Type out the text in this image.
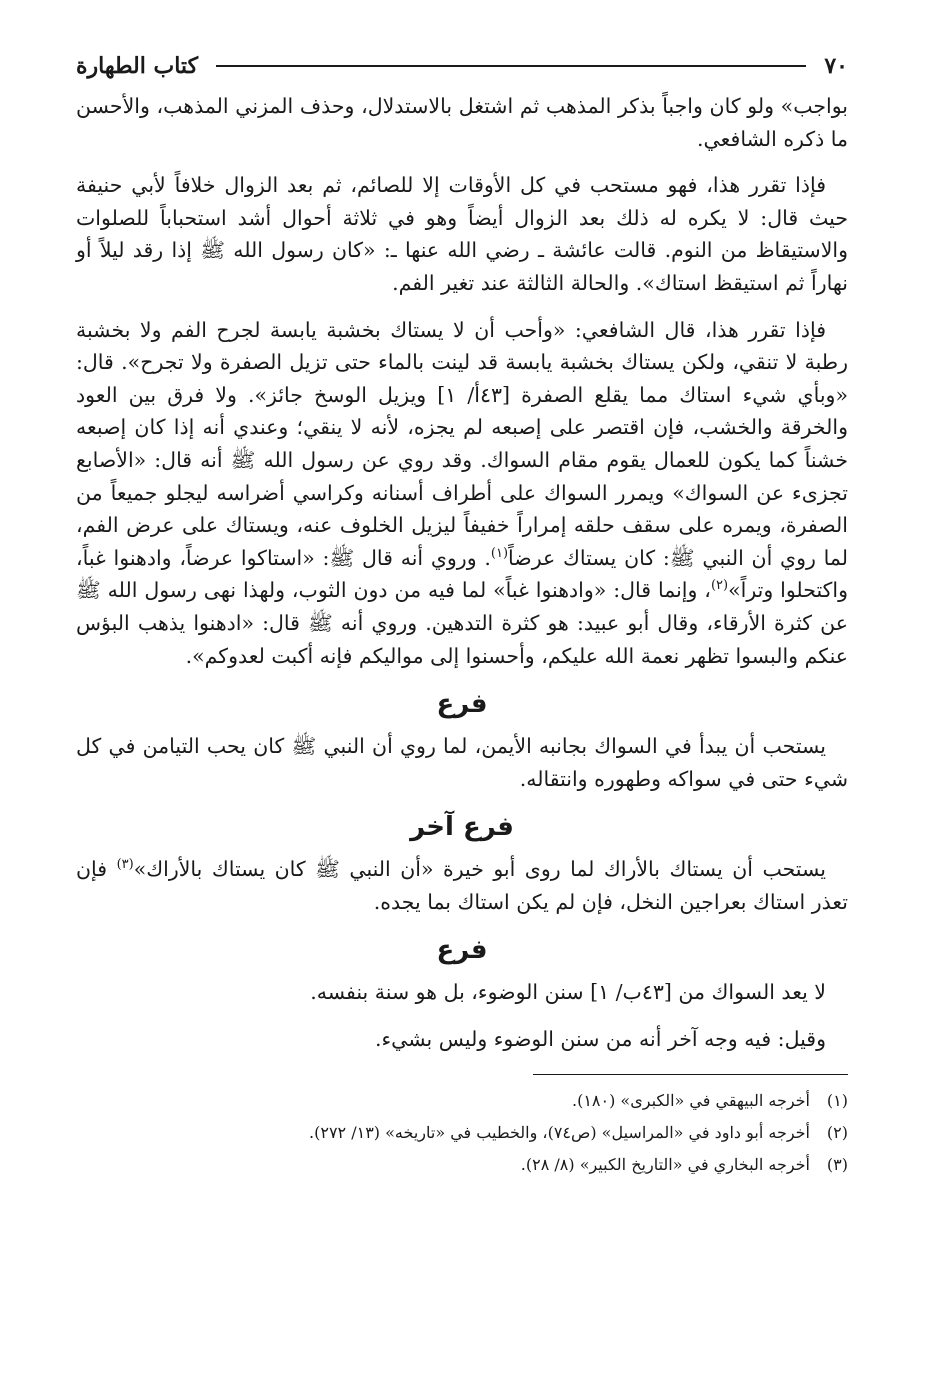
٧٠
كتاب الطهارة

بواجب» ولو كان واجباً بذكر المذهب ثم اشتغل بالاستدلال، وحذف المزني المذهب، والأحسن ما ذكره الشافعي.

فإذا تقرر هذا، فهو مستحب في كل الأوقات إلا للصائم، ثم بعد الزوال خلافاً لأبي حنيفة حيث قال: لا يكره له ذلك بعد الزوال أيضاً وهو في ثلاثة أحوال أشد استحباباً للصلوات والاستيقاظ من النوم. قالت عائشة ـ رضي الله عنها ـ: «كان رسول الله ﷺ إذا رقد ليلاً أو نهاراً ثم استيقظ استاك». والحالة الثالثة عند تغير الفم.

فإذا تقرر هذا، قال الشافعي: «وأحب أن لا يستاك بخشبة يابسة لجرح الفم ولا بخشبة رطبة لا تنقي، ولكن يستاك بخشبة يابسة قد لينت بالماء حتى تزيل الصفرة ولا تجرح». قال: «وبأي شيء استاك مما يقلع الصفرة [٤٣أ/ ١] ويزيل الوسخ جائز». ولا فرق بين العود والخرقة والخشب، فإن اقتصر على إصبعه لم يجزه، لأنه لا ينقي؛ وعندي أنه إذا كان إصبعه خشناً كما يكون للعمال يقوم مقام السواك. وقد روي عن رسول الله ﷺ أنه قال: «الأصابع تجزىء عن السواك» ويمرر السواك على أطراف أسنانه وكراسي أضراسه ليجلو جميعاً من الصفرة، ويمره على سقف حلقه إمراراً خفيفاً ليزيل الخلوف عنه، ويستاك على عرض الفم، لما روي أن النبي ﷺ: كان يستاك عرضاً$^{(١)}$. وروي أنه قال ﷺ: «استاكوا عرضاً، وادهنوا غباً، واكتحلوا وتراً»$^{(٢)}$، وإنما قال: «وادهنوا غباً» لما فيه من دون الثوب، ولهذا نهى رسول الله ﷺ عن كثرة الأرقاء، وقال أبو عبيد: هو كثرة التدهين. وروي أنه ﷺ قال: «ادهنوا يذهب البؤس عنكم والبسوا تظهر نعمة الله عليكم، وأحسنوا إلى مواليكم فإنه أكبت لعدوكم».

فرع

يستحب أن يبدأ في السواك بجانبه الأيمن، لما روي أن النبي ﷺ كان يحب التيامن في كل شيء حتى في سواكه وطهوره وانتقاله.

فرع آخر

يستحب أن يستاك بالأراك لما روى أبو خيرة «أن النبي ﷺ كان يستاك بالأراك»$^{(٣)}$ فإن تعذر استاك بعراجين النخل، فإن لم يكن استاك بما يجده.

فرع

لا يعد السواك من [٤٣ب/ ١] سنن الوضوء، بل هو سنة بنفسه.

وقيل: فيه وجه آخر أنه من سنن الوضوء وليس بشيء.

(١)
أخرجه البيهقي في «الكبرى» (١٨٠).
(٢)
أخرجه أبو داود في «المراسيل» (ص٧٤)، والخطيب في «تاريخه» (١٣/ ٢٧٢).
(٣)
أخرجه البخاري في «التاريخ الكبير» (٨/ ٢٨).
